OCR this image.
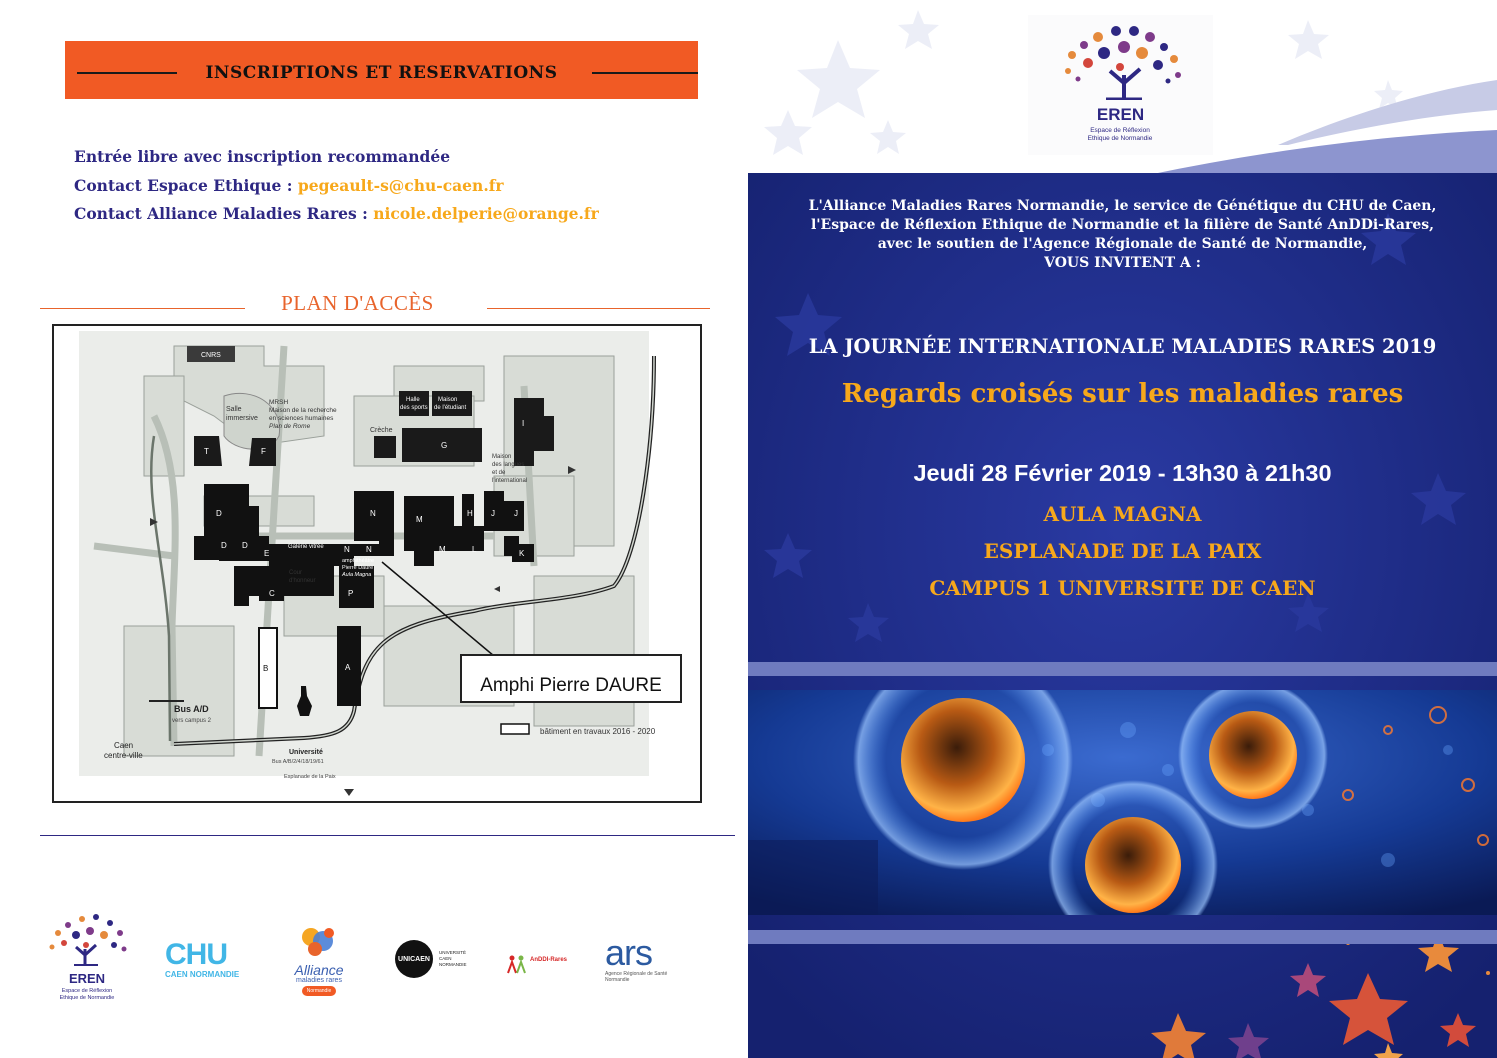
INSCRIPTIONS ET RESERVATIONS
Entrée libre avec inscription recommandée
Contact Espace Ethique : pegeault-s@chu-caen.fr
Contact Alliance Maladies Rares : nicole.delperie@orange.fr
PLAN D'ACCÈS
CNRS
Salle
immersive
MRSH
Maison de la recherche
en sciences humaines
Plan de Rome
T	F
Halle
des sports
Maison
de l'étudiant
Crèche
G
I
Maison
des langues
et de
l'international
D
D D
E	N N
N
M
M
H J J
L	K
C	P
Galerie vitrée
Cour
d'honneur
amphithéâtre
Pierre Daure
Aula Magna
B	A
bâtiment en travaux 2016 - 2020
Bus A/D
vers campus 2
Caen
centre-ville	Université
Bus A/B/2/4/18/19/61
Esplanade de la Paix
Amphi Pierre DAURE
EREN
Espace de Réflexion Ethique de Normandie
CHU
CAEN NORMANDIE	Alliance
maladies rares
Normandie
UNICAEN
UNIVERSITÉ CAEN NORMANDIE
AnDDI-Rares ars
Agence Régionale de Santé Normandie
EREN
Espace de Réflexion Ethique de Normandie
L'Alliance Maladies Rares Normandie, le service de Génétique du CHU de Caen,
l'Espace de Réflexion Ethique de Normandie et la filière de Santé AnDDi-Rares,
avec le soutien de l'Agence Régionale de Santé de Normandie,
VOUS INVITENT A :
LA JOURNÉE INTERNATIONALE MALADIES RARES 2019
Regards croisés sur les maladies rares
Jeudi 28 Février 2019 - 13h30 à 21h30
AULA MAGNA
ESPLANADE DE LA PAIX
CAMPUS 1 UNIVERSITE DE CAEN
